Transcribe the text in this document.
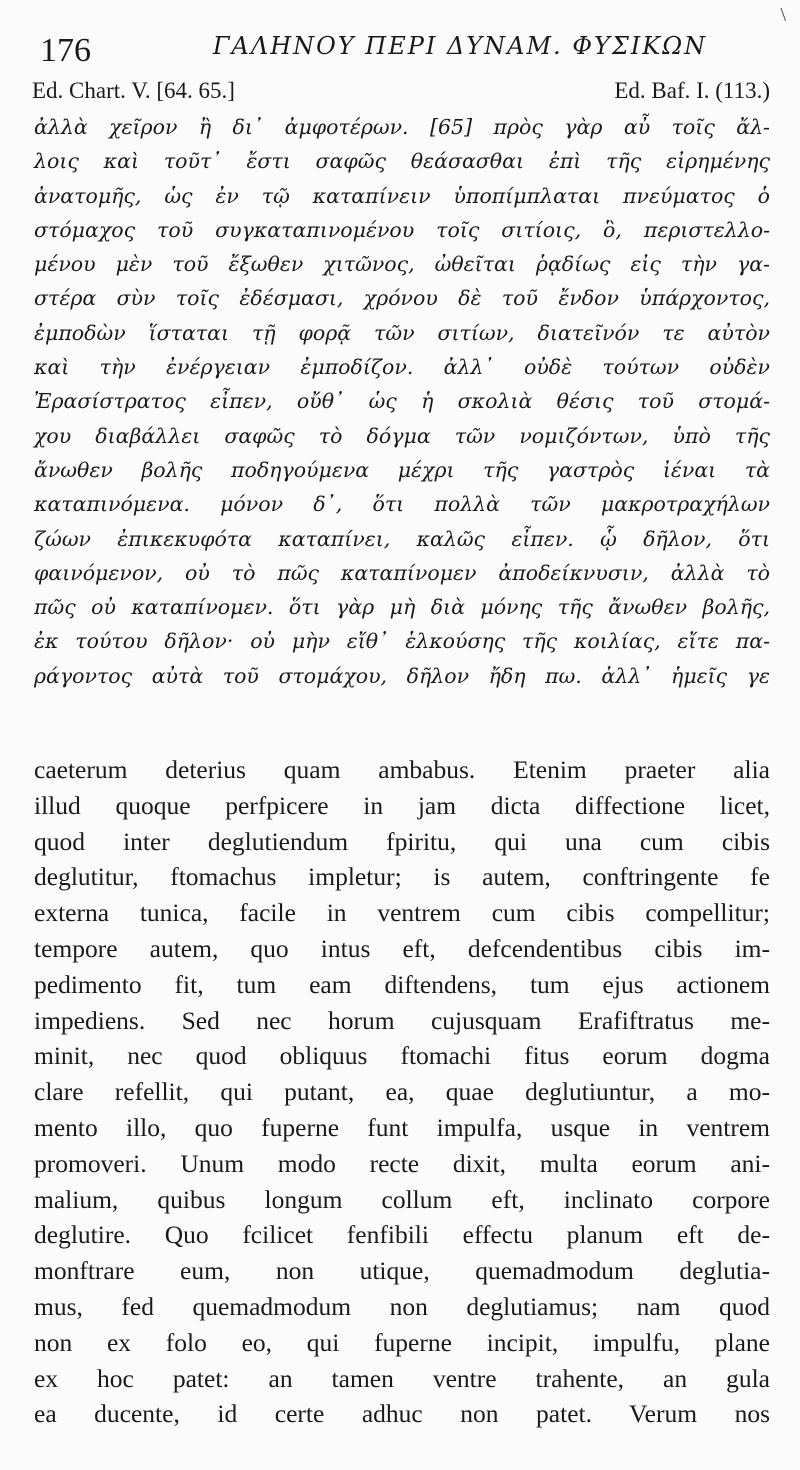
176	ΓΑΛΗΝΟΥ ΠΕΡΙ ΔΥΝΑΜ. ΦΥΣΙΚΩΝ
\
Ed. Chart. V. [64. 65.]	Ed. Baf. I. (113.)
ἀλλὰ χεῖρον ἢ δι᾽ ἀμφοτέρων. [65] πρὸς γὰρ αὖ τοῖς ἄλ-
λοις καὶ τοῦτ᾽ ἔστι σαφῶς θεάσασθαι ἐπὶ τῆς εἰρημένης
ἀνατομῆς, ὡς ἐν τῷ καταπίνειν ὑποπίμπλαται πνεύματος ὁ
στόμαχος τοῦ συγκαταπινομένου τοῖς σιτίοις, ὃ, περιστελλο-
μένου μὲν τοῦ ἔξωθεν χιτῶνος, ὠθεῖται ῥᾳδίως εἰς τὴν γα-
στέρα σὺν τοῖς ἐδέσμασι, χρόνου δὲ τοῦ ἔνδον ὑπάρχοντος,
ἐμποδὼν ἵσταται τῇ φορᾷ τῶν σιτίων, διατεῖνόν τε αὐτὸν
καὶ τὴν ἐνέργειαν ἐμποδίζον. ἀλλ᾽ οὐδὲ τούτων οὐδὲν
Ἐρασίστρατος εἶπεν, οὔθ᾽ ὡς ἡ σκολιὰ θέσις τοῦ στομά-
χου διαβάλλει σαφῶς τὸ δόγμα τῶν νομιζόντων, ὑπὸ τῆς
ἄνωθεν βολῆς ποδηγούμενα μέχρι τῆς γαστρὸς ἰέναι τὰ
καταπινόμενα. μόνον δ᾽, ὅτι πολλὰ τῶν μακροτραχήλων
ζώων ἐπικεκυφότα καταπίνει, καλῶς εἶπεν. ᾧ δῆλον, ὅτι
φαινόμενον, οὐ τὸ πῶς καταπίνομεν ἀποδείκνυσιν, ἀλλὰ τὸ
πῶς οὐ καταπίνομεν. ὅτι γὰρ μὴ διὰ μόνης τῆς ἄνωθεν βολῆς,
ἐκ τούτου δῆλον· οὐ μὴν εἴθ᾽ ἑλκούσης τῆς κοιλίας, εἴτε πα-
ράγοντος αὐτὰ τοῦ στομάχου, δῆλον ἤδη πω. ἀλλ᾽ ἡμεῖς γε
caeterum deterius quam ambabus. Etenim praeter alia
illud quoque perfpicere in jam dicta diffectione licet,
quod inter deglutiendum fpiritu, qui una cum cibis
deglutitur, ftomachus impletur; is autem, conftringente fe
externa tunica, facile in ventrem cum cibis compellitur;
tempore autem, quo intus eft, defcendentibus cibis im-
pedimento fit, tum eam diftendens, tum ejus actionem
impediens. Sed nec horum cujusquam Erafiftratus me-
minit, nec quod obliquus ftomachi fitus eorum dogma
clare refellit, qui putant, ea, quae deglutiuntur, a mo-
mento illo, quo fuperne funt impulfa, usque in ventrem
promoveri. Unum modo recte dixit, multa eorum ani-
malium, quibus longum collum eft, inclinato corpore
deglutire. Quo fcilicet fenfibili effectu planum eft de-
monftrare eum, non utique, quemadmodum deglutia-
mus, fed quemadmodum non deglutiamus; nam quod
non ex folo eo, qui fuperne incipit, impulfu, plane
ex hoc patet: an tamen ventre trahente, an gula
ea ducente, id certe adhuc non patet. Verum nos
